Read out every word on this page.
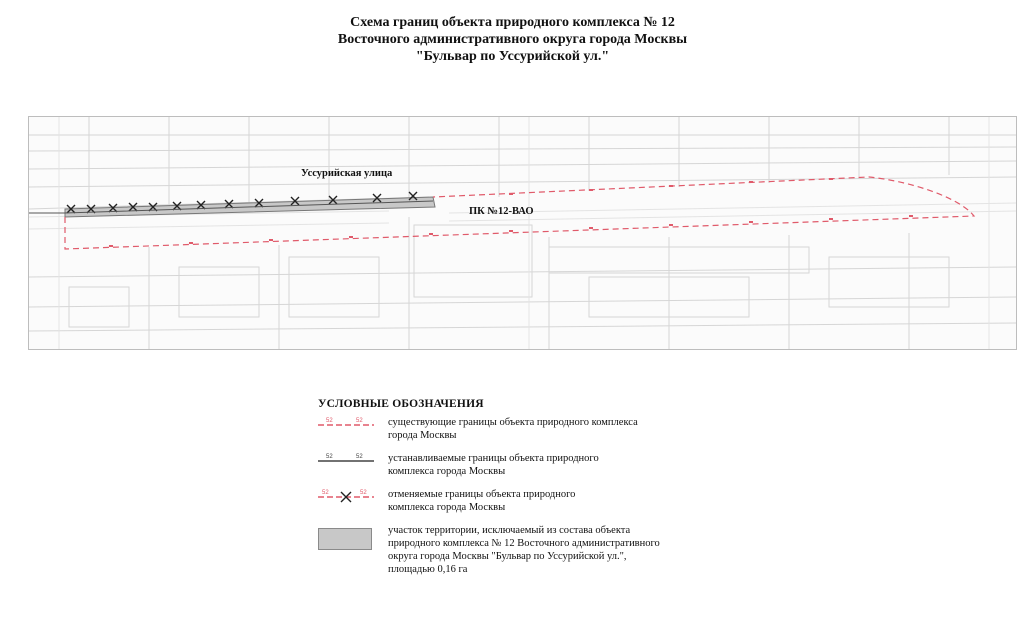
Схема границ объекта природного комплекса № 12
Восточного административного округа города Москвы
"Бульвар по Уссурийской ул."
Уссурийская улица
ПК №12-ВАО
УСЛОВНЫЕ ОБОЗНАЧЕНИЯ
52	52 существующие границы объекта природного комплекса
города Москвы
52	52 устанавливаемые границы объекта природного
комплекса города Москвы
52	52 отменяемые границы объекта природного
комплекса города Москвы
участок территории, исключаемый из состава объекта
природного комплекса № 12 Восточного административного
округа города Москвы "Бульвар по Уссурийской ул.",
площадью 0,16 га
